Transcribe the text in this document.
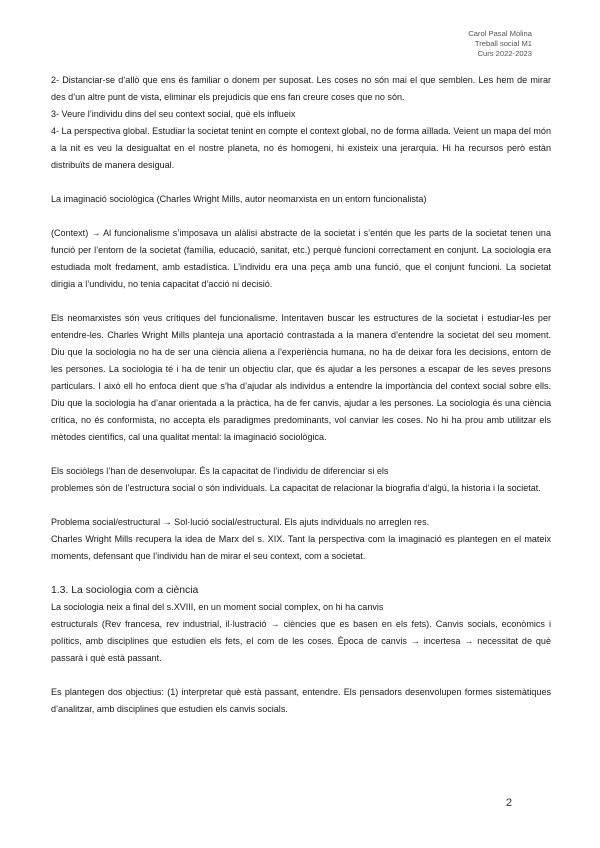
Carol Pasal Molina
Treball social M1
Curs 2022-2023

2- Distanciar-se d’allò que ens és familiar o donem per suposat. Les coses no són mai el que semblen. Les hem de mirar des d’un altre punt de vista, eliminar els prejudicis que ens fan creure coses que no són.

3- Veure l’individu dins del seu context social, què els influeix

4- La perspectiva global. Estudiar la societat tenint en compte el context global, no de forma aïllada. Veient un mapa del món a la nit es veu la desigualtat en el nostre planeta, no és homogeni, hi existeix una jerarquia. Hi ha recursos però estàn distribuïts de manera desigual.

La imaginació sociològica (Charles Wright Mills, autor neomarxista en un entorn funcionalista)

(Context) → Al funcionalisme s’imposava un alàlisi abstracte de la societat i s’entén que les parts de la societat tenen una funció per l’entorn de la societat (família, educació, sanitat, etc.) perquè funcioni correctament en conjunt. La sociologia era estudiada molt fredament, amb estadística. L’individu era una peça amb una funció, que el conjunt funcioni. La societat dirigia a l’undividu, no tenia capacitat d’acció ni decisió.

Els neomarxistes són veus crítiques del funcionalisme. Intentaven buscar les estructures de la societat i estudiar-les per entendre-les. Charles Wright Mills planteja una aportació contrastada a la manera d’entendre la societat del seu moment. Diu que la sociologia no ha de ser una ciència aliena a l’experiència humana, no ha de deixar fora les decisions, entorn de les persones. La sociologia té i ha de tenir un objectiu clar, que és ajudar a les persones a escapar de les seves presons particulars. I això ell ho enfoca dient que s’ha d’ajudar als individus a entendre la importància del context social sobre ells. Diu que la sociologia ha d’anar orientada a la pràctica, ha de fer canvis, ajudar a les persones. La sociologia és una ciència crítica, no és conformista, no accepta els paradigmes predominants, vol canviar les coses. No hi ha prou amb utilitzar els mètodes científics, cal una qualitat mental: la imaginació sociològica.

Els sociòlegs l’han de desenvolupar. És la capacitat de l’individu de diferenciar si els

problemes són de l’estructura social o són individuals. La capacitat de relacionar la biografia d’algú, la historia i la societat.

Problema social/estructural → Sol·lució social/estructural. Els ajuts individuals no arreglen res.

Charles Wright Mills recupera la idea de Marx del s. XIX. Tant la perspectiva com la imaginació es plantegen en el mateix moments, defensant que l’individu han de mirar el seu context, com a societat.

1.3. La sociologia com a ciència

La sociologia neix a final del s.XVIII, en un moment social complex, on hi ha canvis

estructurals (Rev francesa, rev industrial, il·lustració → ciències que es basen en els fets). Canvis socials, econòmics i polítics, amb disciplines que estudien els fets, el com de les coses. Època de canvis → incertesa → necessitat de què passarà i què està passant.

Es plantegen dos objectius: (1) interpretar què està passant, entendre. Els pensadors desenvolupen formes sistemàtiques d’analitzar, amb disciplines que estudien els canvis socials.

2
